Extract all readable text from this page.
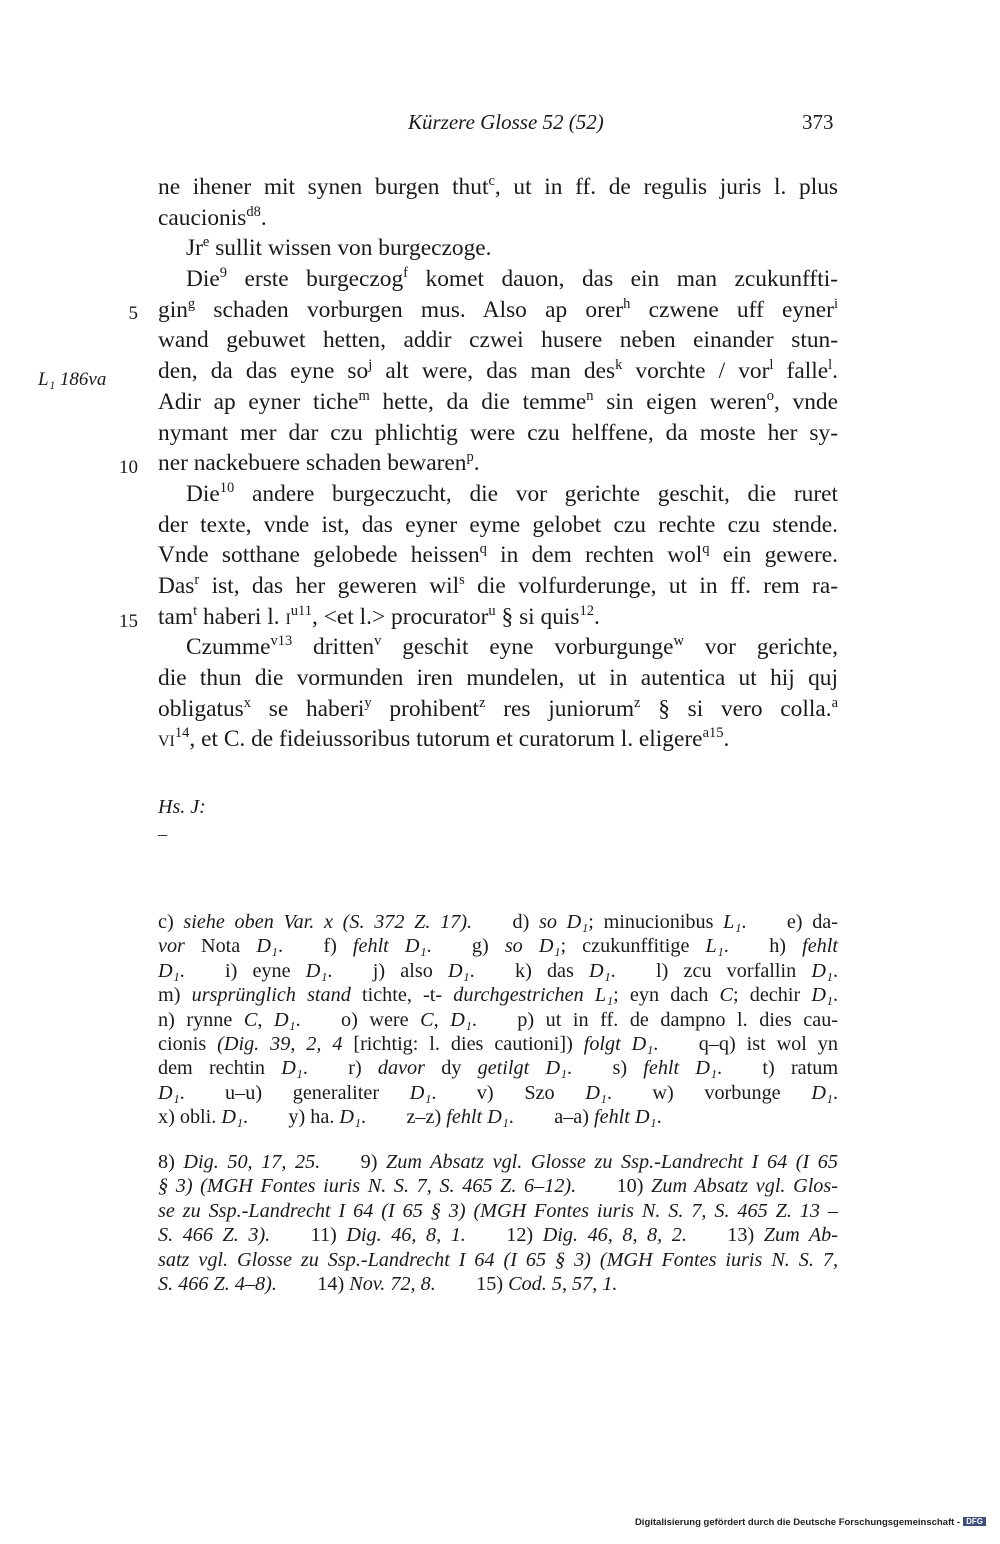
Kürzere Glosse 52 (52)	373
5
10
15
L₁ 186va
ne ihener mit synen burgen thut$^c$, ut in ff. de regulis juris l. plus
caucionis$^{d8}$.
Jr$^e$ sullit wissen von burgeczoge.
Die$^9$ erste burgeczog$^f$ komet dauon, das ein man zcukunffti-
gin$^g$ schaden vorburgen mus. Also ap orer$^h$ czwene uff eyner$^i$
wand gebuwet hetten, addir czwei husere neben einander stun-
den, da das eyne $so^j$ alt were, das man des$^k$ vorchte / vor$^l$ falle$^l$.
Adir ap eyner tiche$^m$ hette, da die temme$^n$ sin eigen weren$^o$, vnde
nymant mer dar czu phlichtig were czu helffene, da moste her sy-
ner nackebuere schaden bewaren$^p$.
Die$^{10}$ andere burgeczucht, die vor gerichte geschit, die ruret
der texte, vnde ist, das eyner eyme gelobet czu rechte czu stende.
Vnde sotthane gelobede heissen$^q$ in dem rechten wol$^q$ ein gewere.
Das$^r$ ist, das her geweren wil$^s$ die volfurderunge, ut in ff. rem ra-
tam$^t$ haberi l. $i^{u11}$, <et l.> procurator$^u$ § si quis$^{12}$.
Czumme$^{v13}$ dritten$^v$ geschit eyne vorburgunge$^w$ vor gerichte,
die thun die vormunden iren mundelen, ut in autentica ut hij quj
obligatus$^x$ se haberi$^y$ prohibent$^z$ res juniorum$^z$ § si vero colla.$^a$
$vi^{14}$, et C. de fideiussoribus tutorum et curatorum l. eligere$^{a15}$.
Hs. J:
–
c) siehe oben Var. x (S. 372 Z. 17).  d) so D₁; minucionibus L₁.  e) da-
vor Nota D₁.  f) fehlt D₁.  g) so D₁; czukunffitige L₁.  h) fehlt
D₁.  i) eyne D₁.  j) also D₁.  k) das D₁.  l) zcu vorfallin D₁.
m) ursprünglich stand tichte, -t- durchgestrichen L₁; eyn dach C; dechir D₁.
n) rynne C, D₁.  o) were C, D₁.  p) ut in ff. de dampno l. dies cau-
cionis (Dig. 39, 2, 4 [richtig: l. dies cautioni]) folgt D₁.  q–q) ist wol yn
dem rechtin D₁.  r) davor dy getilgt D₁.  s) fehlt D₁.  t) ratum
D₁.  u–u) generaliter D₁.  v) Szo D₁.  w) vorbunge D₁.
x) obli. D₁.  y) ha. D₁.  z–z) fehlt D₁.  a–a) fehlt D₁.
8) Dig. 50, 17, 25.  9) Zum Absatz vgl. Glosse zu Ssp.-Landrecht I 64 (I 65
§ 3) (MGH Fontes iuris N. S. 7, S. 465 Z. 6–12).  10) Zum Absatz vgl. Glos-
se zu Ssp.-Landrecht I 64 (I 65 § 3) (MGH Fontes iuris N. S. 7, S. 465 Z. 13 –
S. 466 Z. 3).  11) Dig. 46, 8, 1.  12) Dig. 46, 8, 8, 2.  13) Zum Ab-
satz vgl. Glosse zu Ssp.-Landrecht I 64 (I 65 § 3) (MGH Fontes iuris N. S. 7,
S. 466 Z. 4–8).  14) Nov. 72, 8.  15) Cod. 5, 57, 1.
Digitalisierung gefördert durch die Deutsche Forschungsgemeinschaft - DFG
